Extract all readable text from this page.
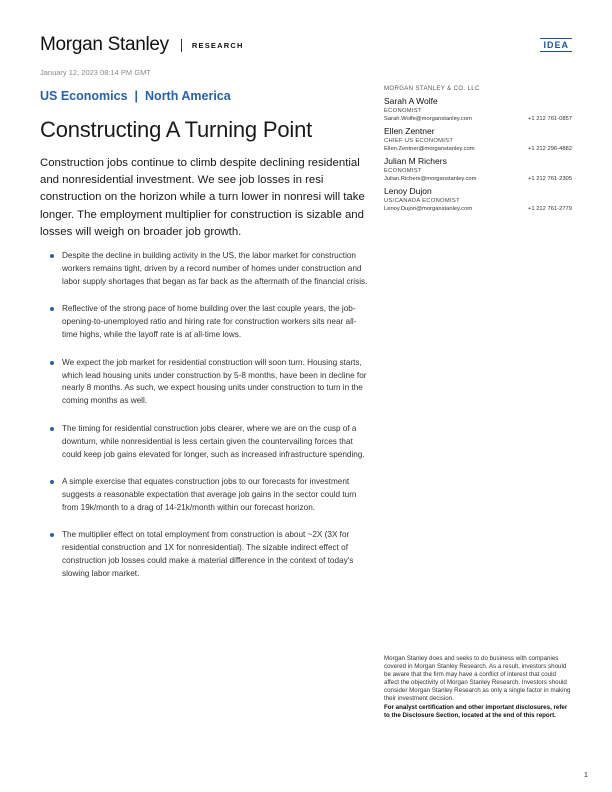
Morgan Stanley	RESEARCH	IDEA
January 12, 2023 08:14 PM GMT
US Economics | North America
Constructing A Turning Point

Construction jobs continue to climb despite declining residential and nonresidential investment. We see job losses in resi construction on the horizon while a turn lower in nonresi will take longer. The employment multiplier for construction is sizable and losses will weigh on broader job growth.

Despite the decline in building activity in the US, the labor market for construction workers remains tight, driven by a record number of homes under construction and labor supply shortages that began as far back as the aftermath of the financial crisis.
Reflective of the strong pace of home building over the last couple years, the job-opening-to-unemployed ratio and hiring rate for construction workers sits near all-time highs, while the layoff rate is at all-time lows.
We expect the job market for residential construction will soon turn. Housing starts, which lead housing units under construction by 5-8 months, have been in decline for nearly 8 months. As such, we expect housing units under construction to turn in the coming months as well.
The timing for residential construction jobs clearer, where we are on the cusp of a downturn, while nonresidential is less certain given the countervailing forces that could keep job gains elevated for longer, such as increased infrastructure spending.
A simple exercise that equates construction jobs to our forecasts for investment suggests a reasonable expectation that average job gains in the sector could turn from 19k/month to a drag of 14-21k/month within our forecast horizon.
The multiplier effect on total employment from construction is about ~2X (3X for residential construction and 1X for nonresidential). The sizable indirect effect of construction job losses could make a material difference in the context of today's slowing labor market.
MORGAN STANLEY & CO. LLC
Sarah A Wolfe
ECONOMIST
Sarah.Wolfe@morganstanley.com	+1 212 761-0857
Ellen Zentner
CHIEF US ECONOMIST
Ellen.Zentner@morganstanley.com	+1 212 296-4882
Julian M Richers
ECONOMIST
Julian.Richers@morganstanley.com	+1 212 761-2305
Lenoy Dujon
US/CANADA ECONOMIST
Lenoy.Dujon@morganstanley.com	+1 212 761-2779
Morgan Stanley does and seeks to do business with companies covered in Morgan Stanley Research. As a result, investors should be aware that the firm may have a conflict of interest that could affect the objectivity of Morgan Stanley Research. Investors should consider Morgan Stanley Research as only a single factor in making their investment decision.
For analyst certification and other important disclosures, refer to the Disclosure Section, located at the end of this report.
1
